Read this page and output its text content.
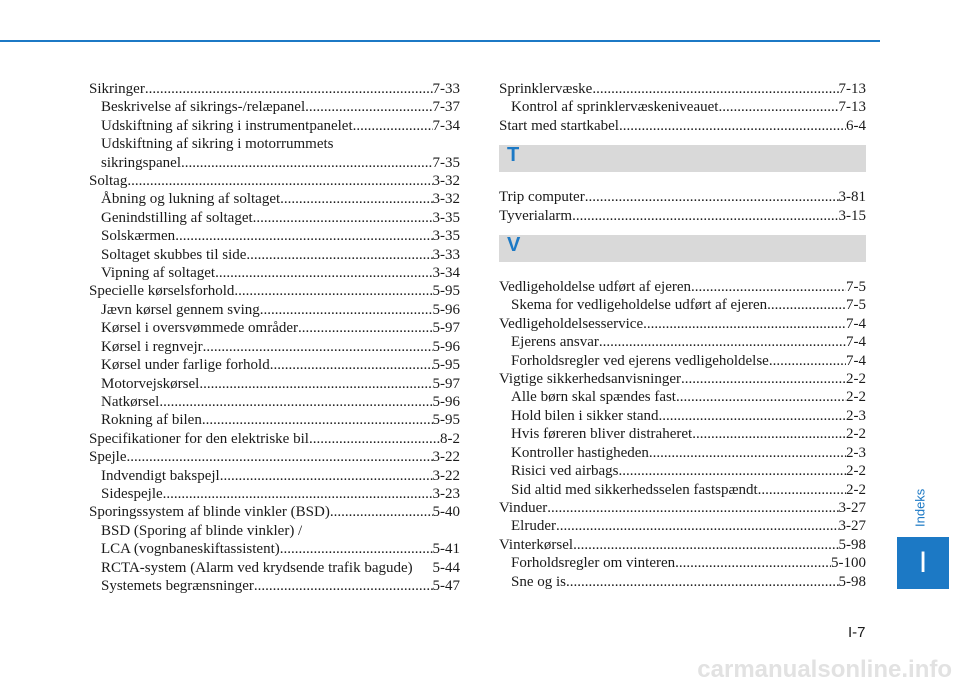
Sikringer .....	7-33
Beskrivelse af sikrings-/relæpanel .....	7-37
Udskiftning af sikring i instrumentpanelet .....	7-34
Udskiftning af sikring i motorrummets
sikringspanel .....	7-35
Soltag .....	3-32
Åbning og lukning af soltaget .....	3-32
Genindstilling af soltaget .....	3-35
Solskærmen .....	3-35
Soltaget skubbes til side .....	3-33
Vipning af soltaget .....	3-34
Specielle kørselsforhold .....	5-95
Jævn kørsel gennem sving .....	5-96
Kørsel i oversvømmede områder .....	5-97
Kørsel i regnvejr .....	5-96
Kørsel under farlige forhold .....	5-95
Motorvejskørsel .....	5-97
Natkørsel .....	5-96
Rokning af bilen .....	5-95
Specifikationer for den elektriske bil .....	8-2
Spejle .....	3-22
Indvendigt bakspejl .....	3-22
Sidespejle .....	3-23
Sporingssystem af blinde vinkler (BSD) .....	5-40
BSD (Sporing af blinde vinkler) /
LCA (vognbaneskiftassistent) .....	5-41
RCTA-system (Alarm ved krydsende trafik bagude) 5-44
Systemets begrænsninger .....	5-47
Sprinklervæske .....	7-13
Kontrol af sprinklervæskeniveauet .....	7-13
Start med startkabel .....	6-4
T
Trip computer .....	3-81
Tyverialarm .....	3-15
V
Vedligeholdelse udført af ejeren .....	7-5
Skema for vedligeholdelse udført af ejeren .....	7-5
Vedligeholdelsesservice .....	7-4
Ejerens ansvar .....	7-4
Forholdsregler ved ejerens vedligeholdelse .....	7-4
Vigtige sikkerhedsanvisninger .....	2-2
Alle børn skal spændes fast .....	2-2
Hold bilen i sikker stand .....	2-3
Hvis føreren bliver distraheret .....	2-2
Kontroller hastigheden .....	2-3
Risici ved airbags .....	2-2
Sid altid med sikkerhedsselen fastspændt .....	2-2
Vinduer .....	3-27
Elruder .....	3-27
Vinterkørsel .....	5-98
Forholdsregler om vinteren .....	5-100
Sne og is .....	5-98
Indeks
I
I-7
carmanualsonline.info
